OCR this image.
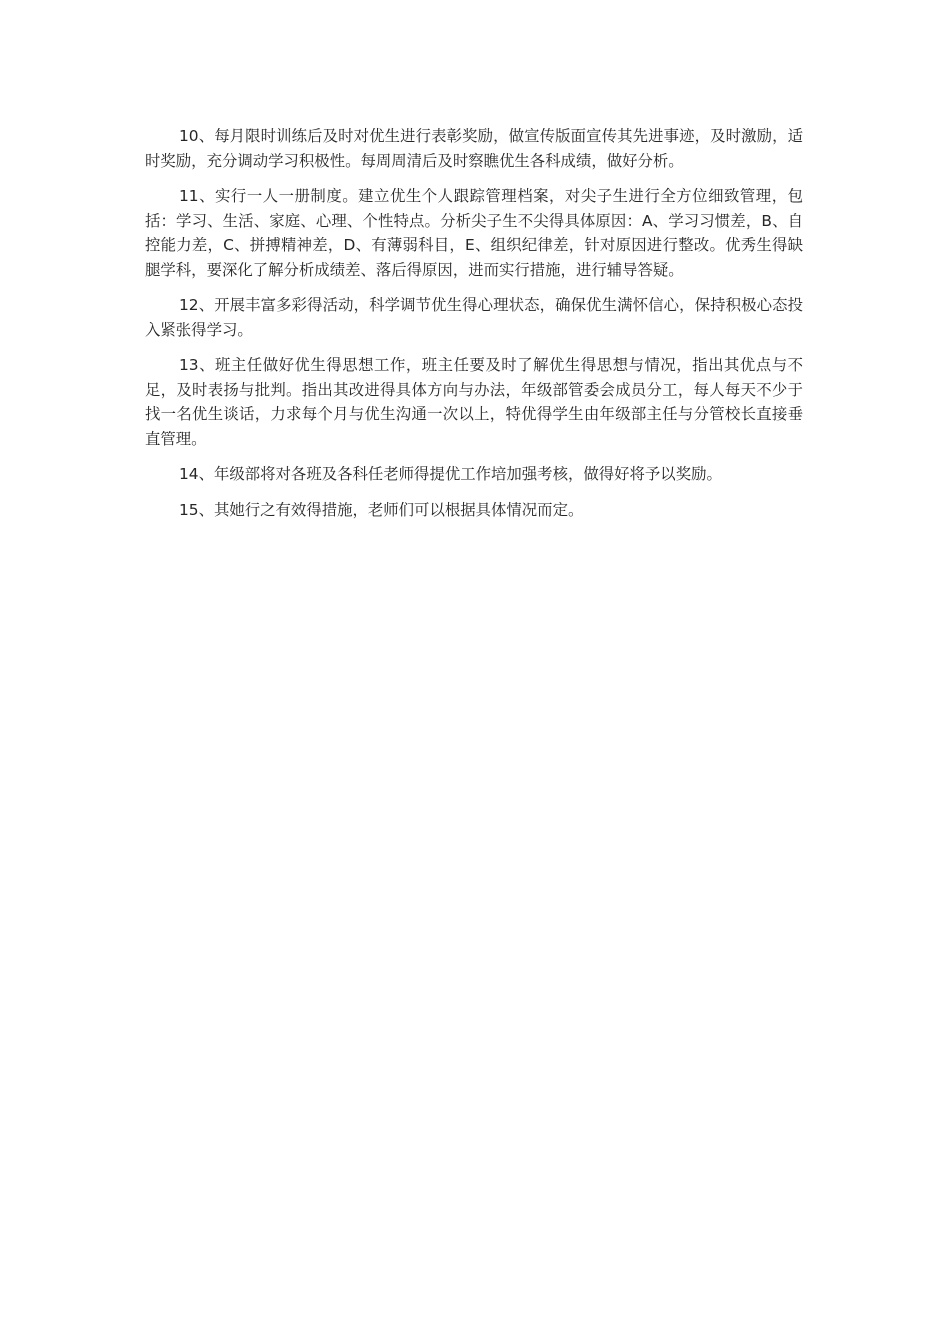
10、每月限时训练后及时对优生进行表彰奖励，做宣传版面宣传其先进事迹，及时激励，适时奖励，充分调动学习积极性。每周周清后及时察瞧优生各科成绩，做好分析。

11、实行一人一册制度。建立优生个人跟踪管理档案，对尖子生进行全方位细致管理，包括：学习、生活、家庭、心理、个性特点。分析尖子生不尖得具体原因：A、学习习惯差，B、自控能力差，C、拼搏精神差，D、有薄弱科目，E、组织纪律差，针对原因进行整改。优秀生得缺腿学科，要深化了解分析成绩差、落后得原因，进而实行措施，进行辅导答疑。

12、开展丰富多彩得活动，科学调节优生得心理状态，确保优生满怀信心，保持积极心态投入紧张得学习。

13、班主任做好优生得思想工作，班主任要及时了解优生得思想与情况，指出其优点与不足，及时表扬与批判。指出其改进得具体方向与办法，年级部管委会成员分工，每人每天不少于找一名优生谈话，力求每个月与优生沟通一次以上，特优得学生由年级部主任与分管校长直接垂直管理。

14、年级部将对各班及各科任老师得提优工作培加强考核，做得好将予以奖励。

15、其她行之有效得措施，老师们可以根据具体情况而定。
